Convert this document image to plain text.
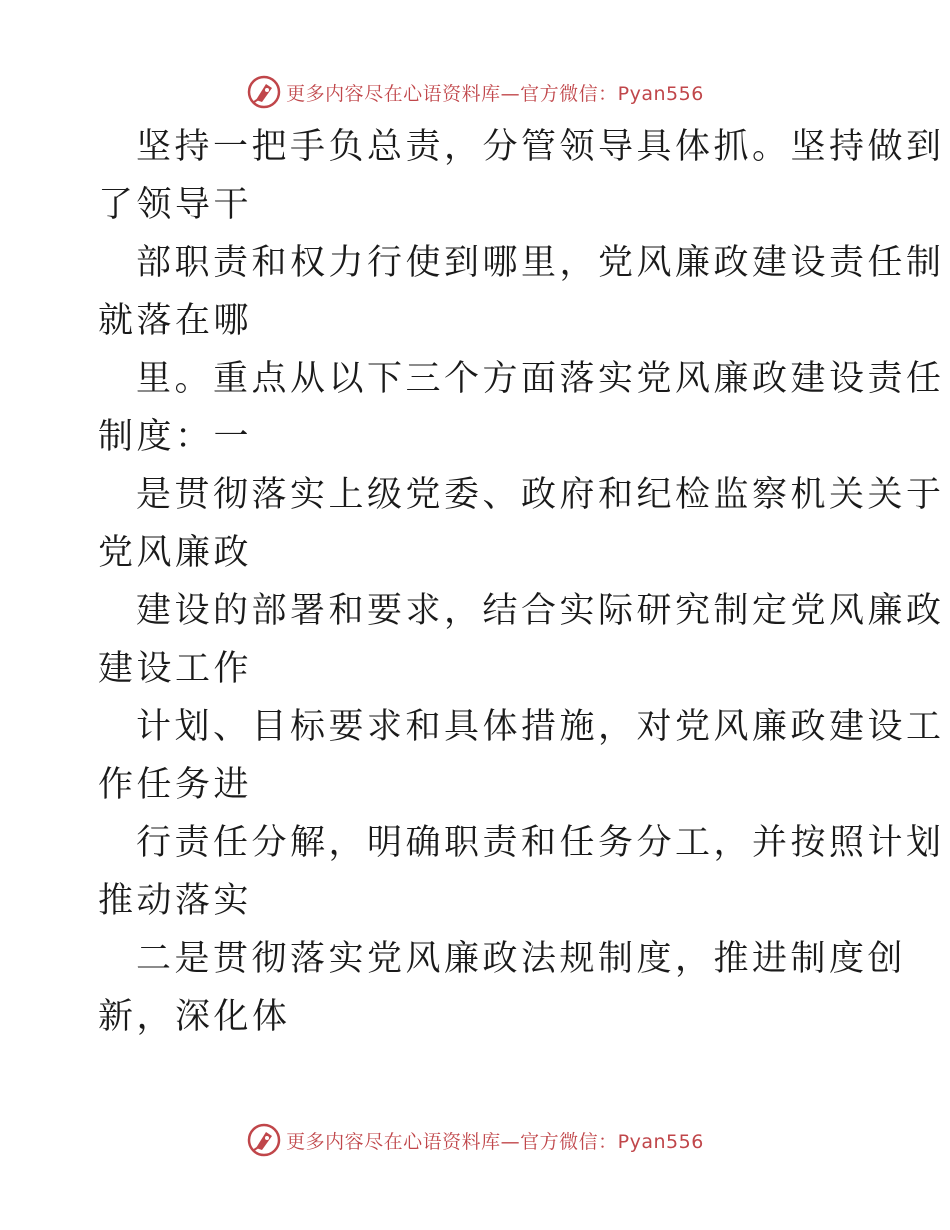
更多内容尽在心语资料库—官方微信：Pyan556
坚持一把手负总责，分管领导具体抓。坚持做到
了领导干
部职责和权力行使到哪里，党风廉政建设责任制
就落在哪
里。重点从以下三个方面落实党风廉政建设责任
制度：一
是贯彻落实上级党委、政府和纪检监察机关关于
党风廉政
建设的部署和要求，结合实际研究制定党风廉政
建设工作
计划、目标要求和具体措施，对党风廉政建设工
作任务进
行责任分解，明确职责和任务分工，并按照计划
推动落实
二是贯彻落实党风廉政法规制度，推进制度创
新，深化体
更多内容尽在心语资料库—官方微信：Pyan556
